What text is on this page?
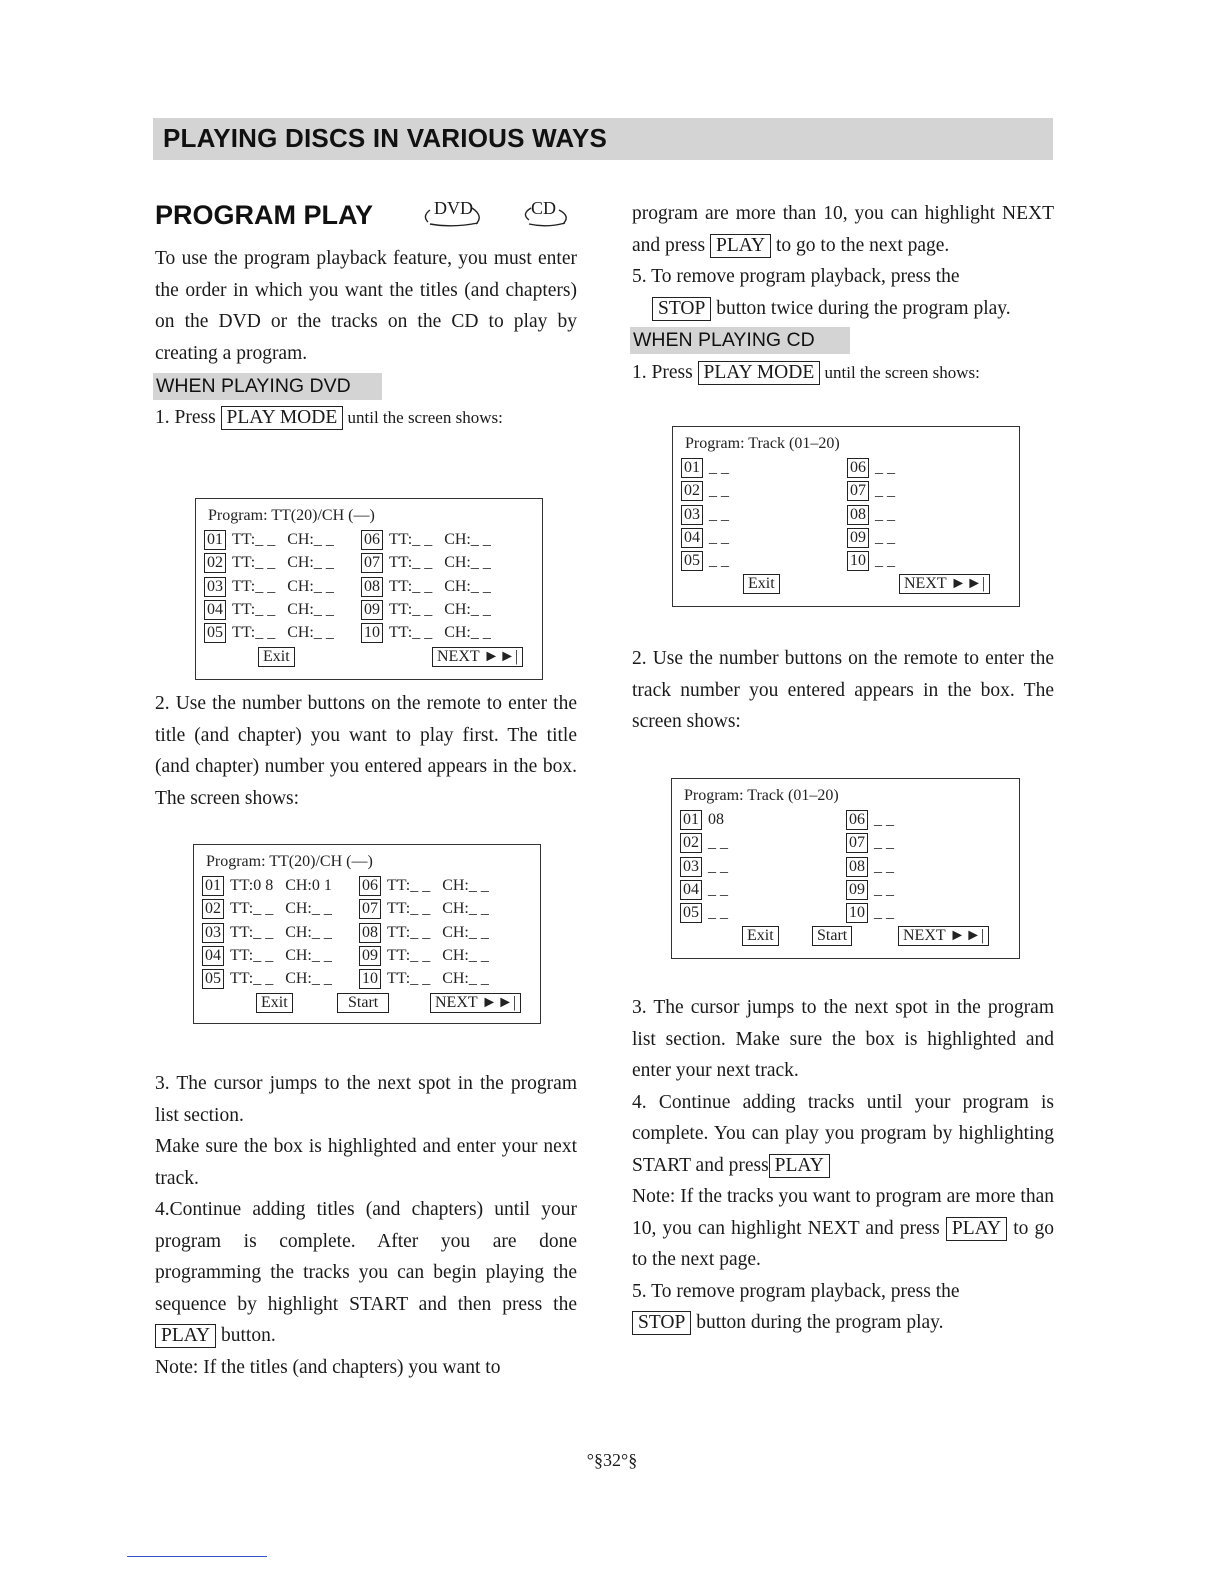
PLAYING DISCS IN VARIOUS WAYS
PROGRAM PLAY	DVD	CD

To use the program playback feature, you must enter the order in which you want the titles (and chapters) on the DVD or the tracks on the CD to play by creating a program.

WHEN PLAYING DVD
1. Press PLAY MODE until the screen shows:
Program: TT(20)/CH (––)
01 TT:_ _   CH:_ _ 06 TT:_ _   CH:_ _
02 TT:_ _   CH:_ _ 07 TT:_ _   CH:_ _
03 TT:_ _   CH:_ _ 08 TT:_ _   CH:_ _
04 TT:_ _   CH:_ _ 09 TT:_ _   CH:_ _
05 TT:_ _   CH:_ _ 10 TT:_ _   CH:_ _
Exit	NEXT ►►|

2. Use the number buttons on the remote to enter the title (and chapter) you want to play first. The title (and chapter) number you entered appears in the box. The screen shows:

Program: TT(20)/CH (––)
01 TT:0 8   CH:0 1 06 TT:_ _   CH:_ _
02 TT:_ _   CH:_ _ 07 TT:_ _   CH:_ _
03 TT:_ _   CH:_ _ 08 TT:_ _   CH:_ _
04 TT:_ _   CH:_ _ 09 TT:_ _   CH:_ _
05 TT:_ _   CH:_ _ 10 TT:_ _   CH:_ _
Exit	Start	NEXT ►►|

3. The cursor jumps to the next spot in the program list section.

Make sure the box is highlighted and enter your next track.

4.Continue adding titles (and chapters) until your program is complete. After you are done programming the tracks you can begin playing the sequence by highlight START and then press thePLAY button.

Note: If the titles (and chapters) you want to

program are more than 10, you can highlight NEXT and press PLAY to go to the next page.

5. To remove program playback, press the

STOP button twice during the program play.

WHEN PLAYING CD
1. Press PLAY MODE until the screen shows:
Program: Track (01–20)
01 _ _	06 _ _
02 _ _	07 _ _
03 _ _	08 _ _
04 _ _	09 _ _
05 _ _	10 _ _
Exit	NEXT ►►|

2. Use the number buttons on the remote to enter the track number you entered appears in the box. The screen shows:

Program: Track (01–20)
01 08	06 _ _
02 _ _	07 _ _
03 _ _	08 _ _
04 _ _	09 _ _
05 _ _	10 _ _
Exit	Start	NEXT ►►|

3. The cursor jumps to the next spot in the program list section. Make sure the box is highlighted and enter your next track.

4. Continue adding tracks until your program is complete. You can play you program by highlighting START and press PLAY

Note: If the tracks you want to program are more than 10, you can highlight NEXT and press PLAY to go to the next page.

5. To remove program playback, press the

STOP button during the program play.

°§32°§
